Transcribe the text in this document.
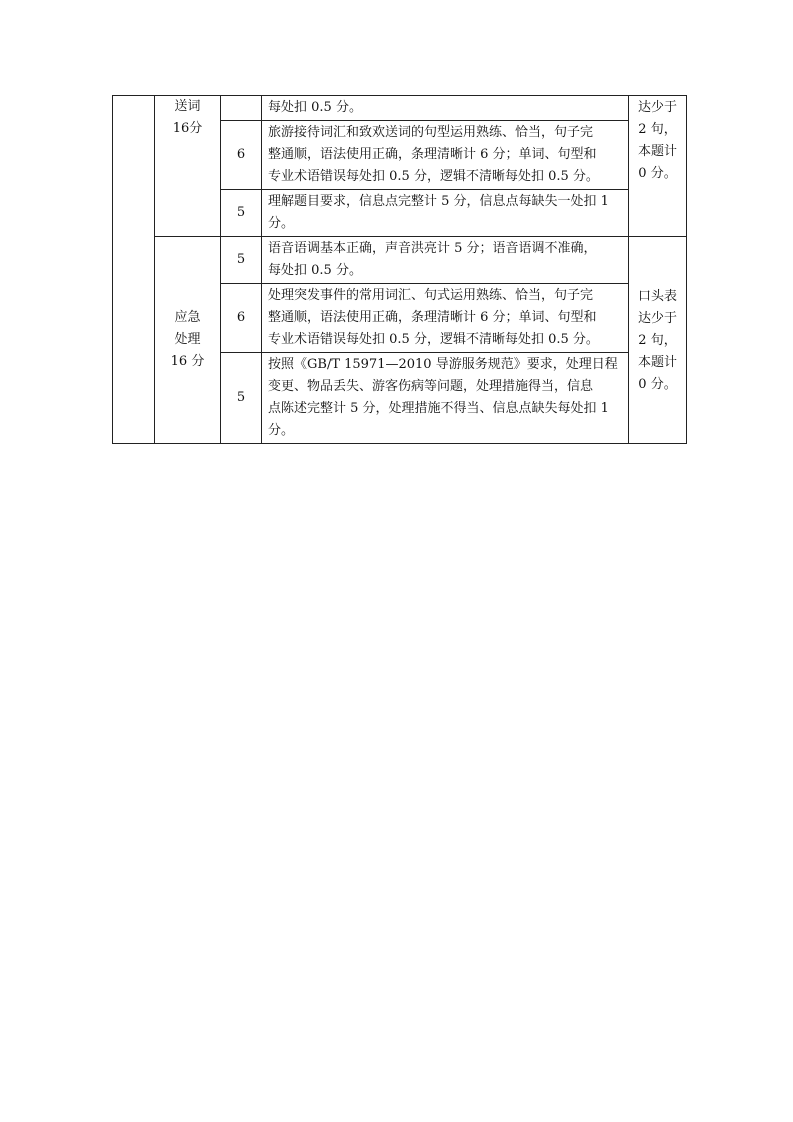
	送词
16分		每处扣 0.5 分。	达少于
2 句，
本题计
0 分。
		6	旅游接待词汇和致欢送词的句型运用熟练、恰当，句子完
整通顺，语法使用正确，条理清晰计 6 分；单词、句型和
专业术语错误每处扣 0.5 分，逻辑不清晰每处扣 0.5 分。	
		5	理解题目要求，信息点完整计 5 分，信息点每缺失一处扣 1
分。	

	应急
处理
16 分	5	语音语调基本正确，声音洪亮计 5 分；语音语调不准确，
每处扣 0.5 分。	口头表
达少于
2 句，
本题计
0 分。
		6	处理突发事件的常用词汇、句式运用熟练、恰当，句子完
整通顺，语法使用正确，条理清晰计 6 分；单词、句型和
专业术语错误每处扣 0.5 分，逻辑不清晰每处扣 0.5 分。	
		5	按照《GB/T 15971—2010 导游服务规范》要求，处理日程
变更、物品丢失、游客伤病等问题，处理措施得当，信息
点陈述完整计 5 分，处理措施不得当、信息点缺失每处扣 1
分。	
